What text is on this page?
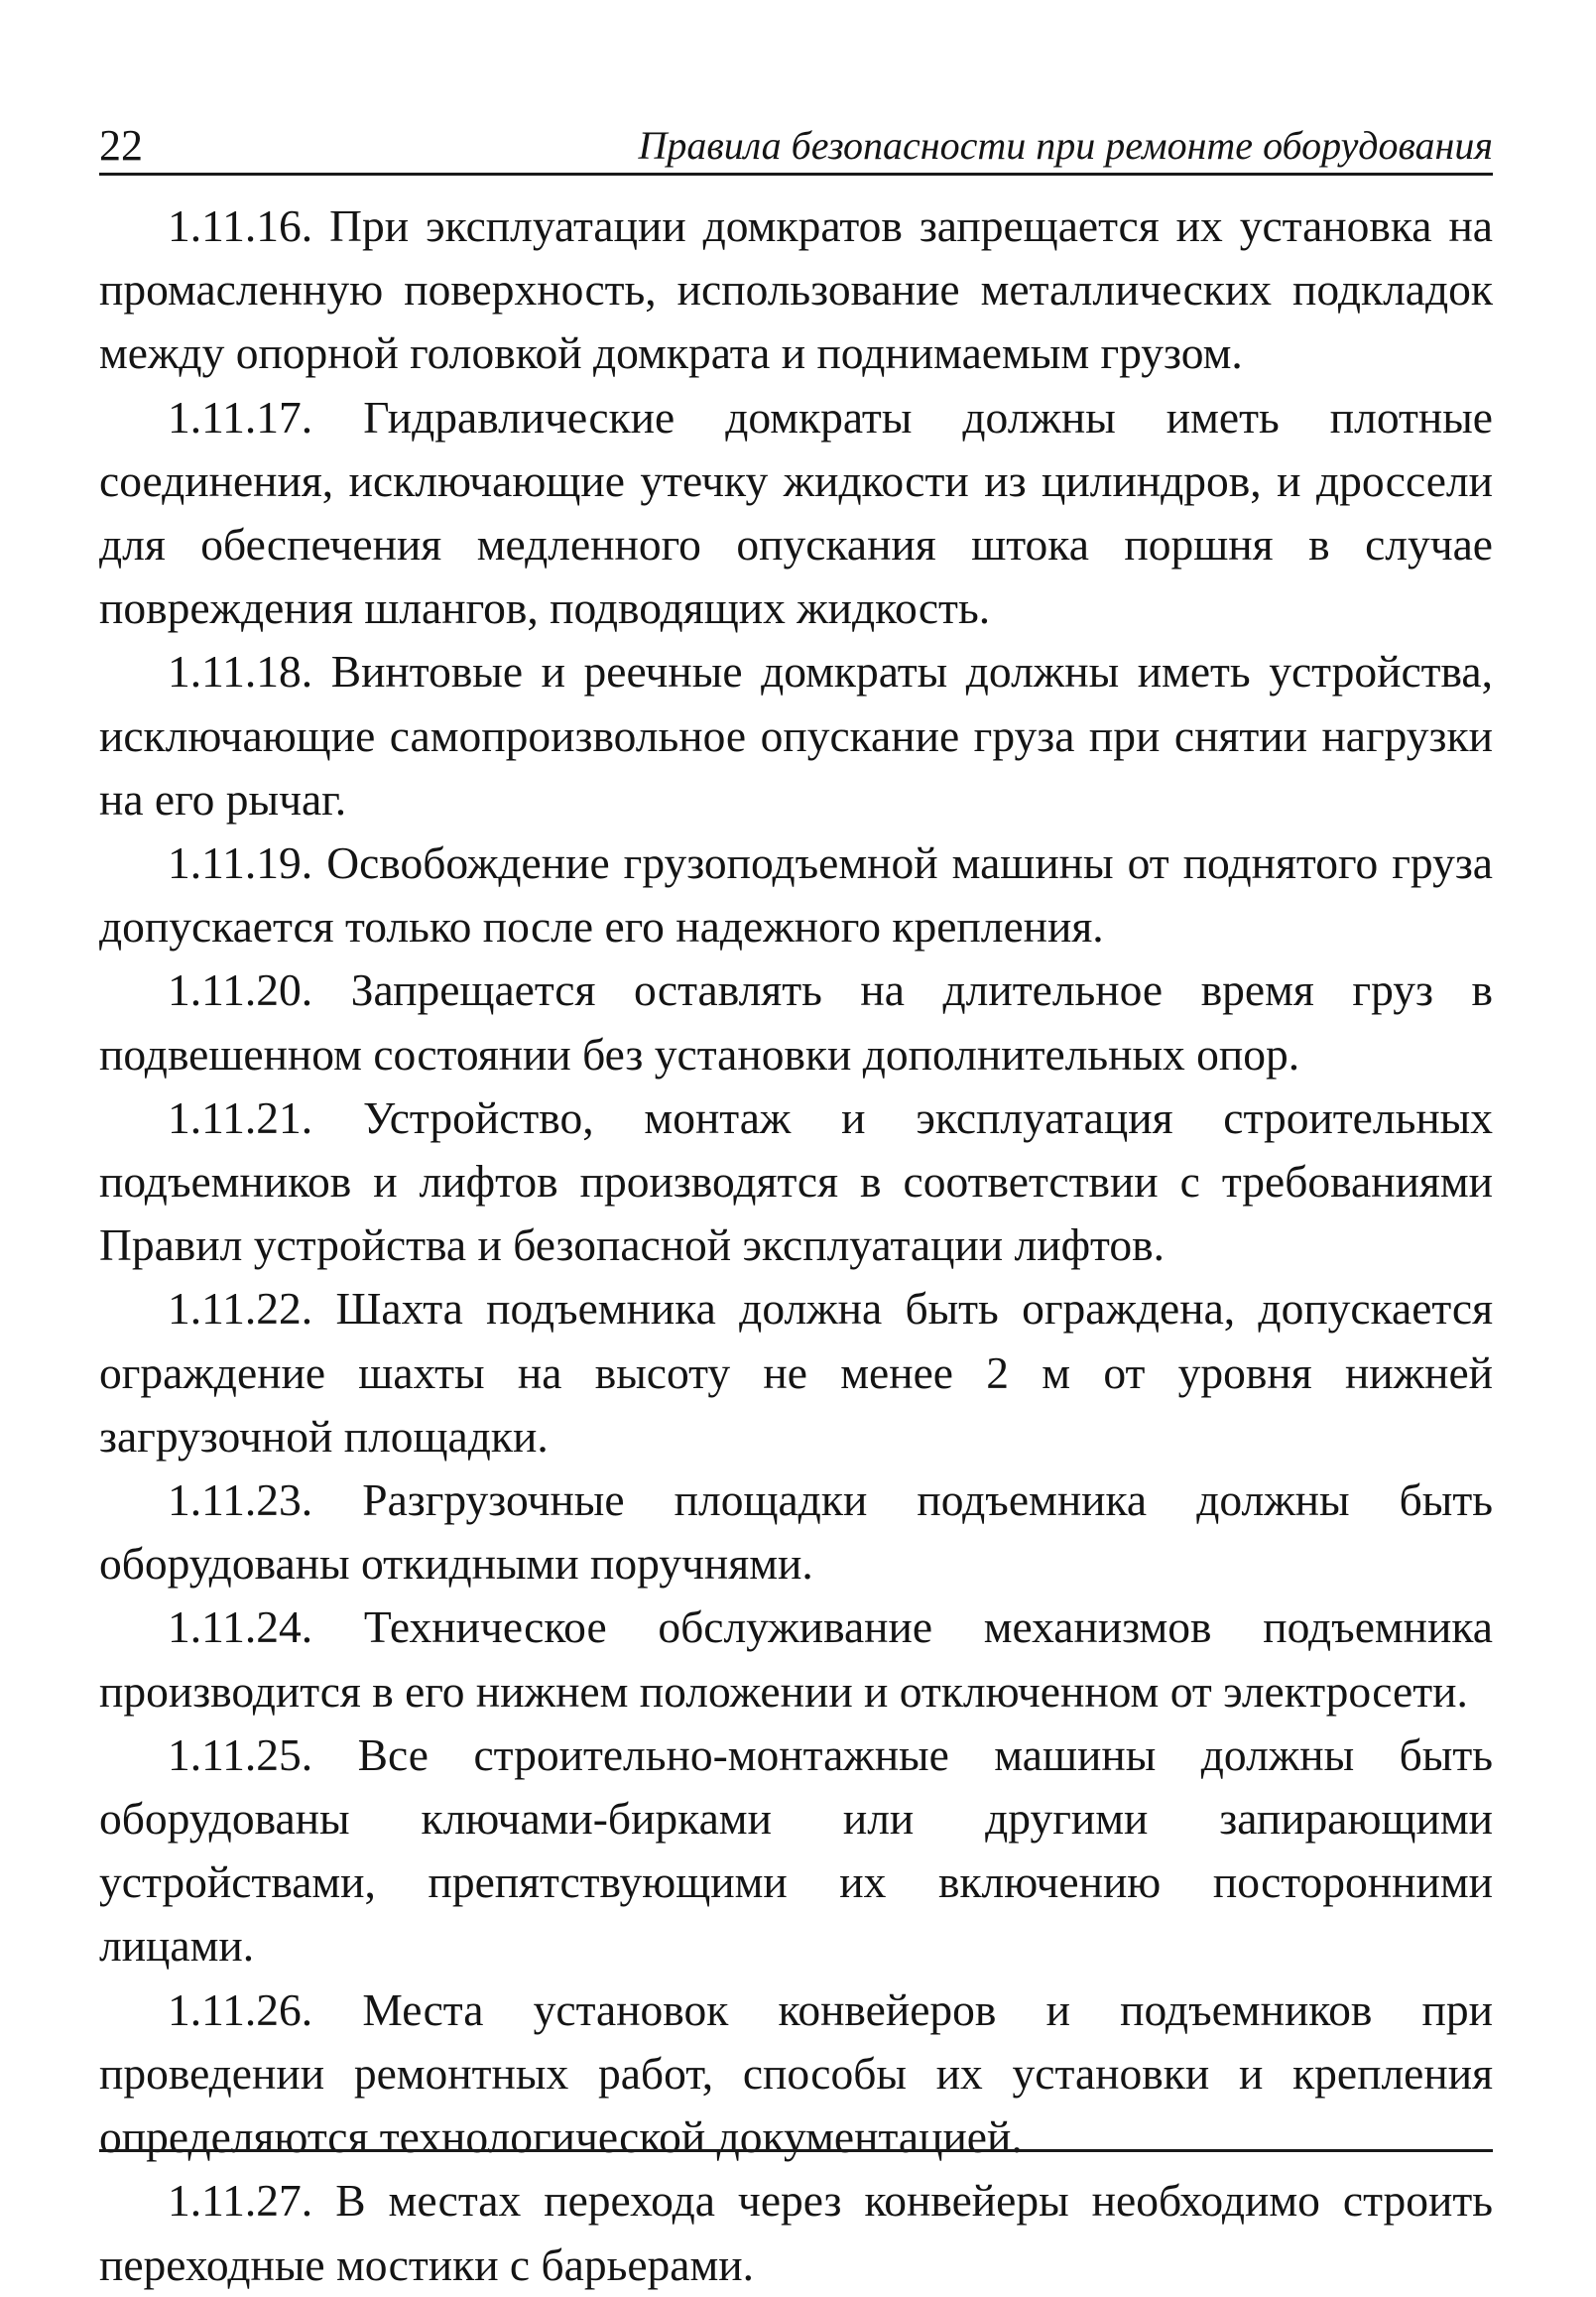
22	Правила безопасности при ремонте оборудования

1.11.16. При эксплуатации домкратов запрещается их установка на промасленную поверхность, использование металлических подкладок между опорной головкой домкрата и поднимаемым грузом.

1.11.17. Гидравлические домкраты должны иметь плотные соединения, исключающие утечку жидкости из цилиндров, и дроссели для обеспечения медленного опускания штока поршня в случае повреждения шлангов, подводящих жидкость.

1.11.18. Винтовые и реечные домкраты должны иметь устройства, исключающие самопроизвольное опускание груза при снятии нагрузки на его рычаг.

1.11.19. Освобождение грузоподъемной машины от поднятого груза допускается только после его надежного крепления.

1.11.20. Запрещается оставлять на длительное время груз в подвешенном состоянии без установки дополнительных опор.

1.11.21. Устройство, монтаж и эксплуатация строительных подъемников и лифтов производятся в соответствии с требованиями Правил устройства и безопасной эксплуатации лифтов.

1.11.22. Шахта подъемника должна быть ограждена, допускается ограждение шахты на высоту не менее 2 м от уровня нижней загрузочной площадки.

1.11.23. Разгрузочные площадки подъемника должны быть оборудованы откидными поручнями.

1.11.24. Техническое обслуживание механизмов подъемника производится в его нижнем положении и отключенном от электросети.

1.11.25. Все строительно-монтажные машины должны быть оборудованы ключами-бирками или другими запирающими устройствами, препятствующими их включению посторонними лицами.

1.11.26. Места установок конвейеров и подъемников при проведении ремонтных работ, способы их установки и крепления определяются технологической документацией.

1.11.27. В местах перехода через конвейеры необходимо строить переходные мостики с барьерами.
